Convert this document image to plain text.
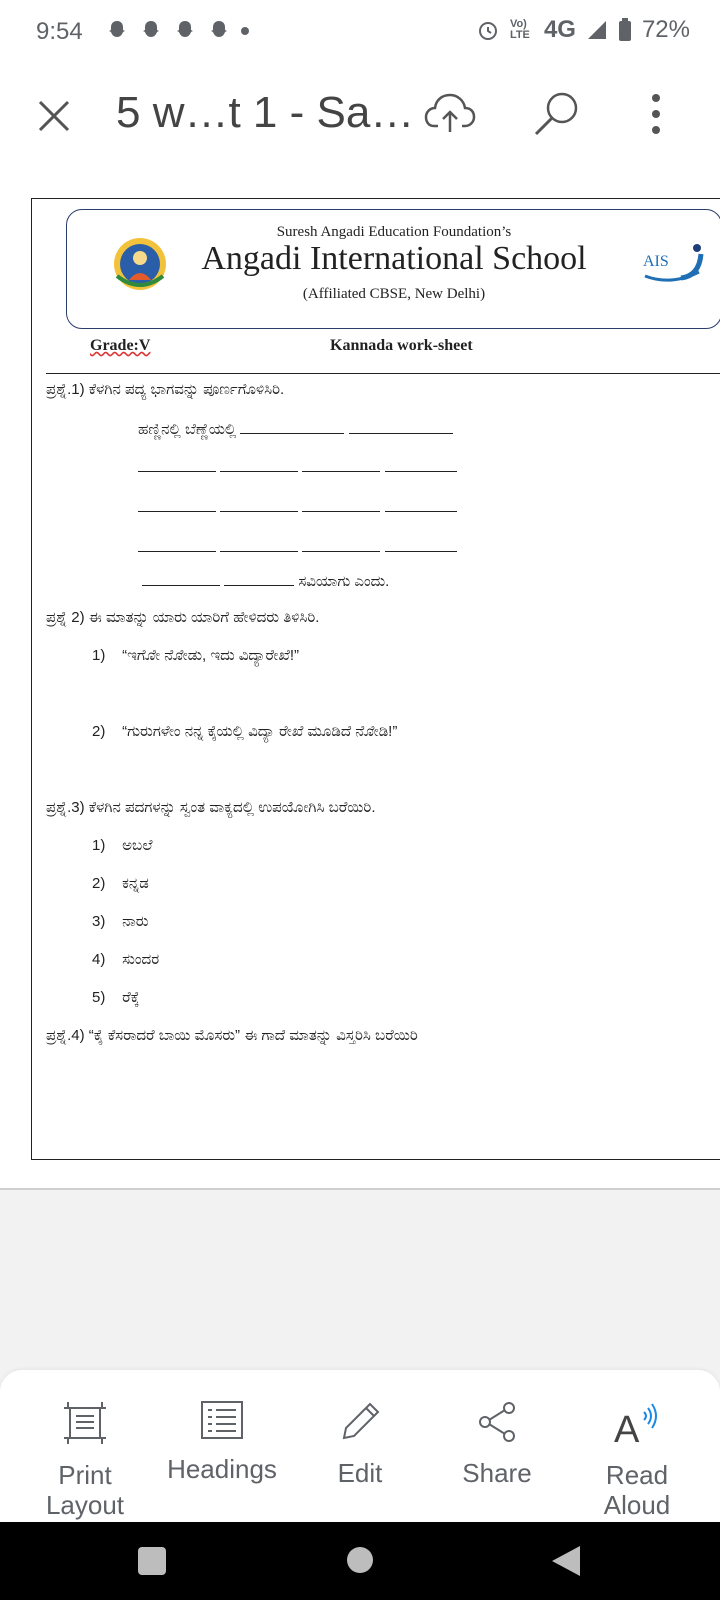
9:54	Vo) LTE 4G	72%
5 w…t 1 - Sa…
Suresh Angadi Education Foundation’s
Angadi International School
(Affiliated CBSE, New Delhi)
AIS
Grade:V	Kannada work-sheet
ಪ್ರಶ್ನೆ.1) ಕೆಳಗಿನ ಪದ್ಯ ಭಾಗವನ್ನು ಪೂರ್ಣಗೊಳಿಸಿರಿ.
ಹಣ್ಣಿನಲ್ಲಿ ಬೆಣ್ಣೆಯಲ್ಲಿ

ಸವಿಯಾಗು ಎಂದು.
ಪ್ರಶ್ನೆ 2) ಈ ಮಾತನ್ನು ಯಾರು ಯಾರಿಗೆ ಹೇಳಿದರು ತಿಳಿಸಿರಿ.
1) “ಇಗೊೇ ನೊೇಡು, ಇದು ವಿದ್ಯಾರೇಖೆ!”
2) “ಗುರುಗಳೇಂ ನನ್ನ ಕೈಯಲ್ಲಿ ವಿದ್ಯಾ ರೇಖೆ ಮೂಡಿದೆ ನೊೇಡಿ!”
ಪ್ರಶ್ನೆ.3) ಕೆಳಗಿನ ಪದಗಳನ್ನು ಸ್ವಂತ ವಾಕ್ಯದಲ್ಲಿ ಉಪಯೊೇಗಿಸಿ ಬರೆಯಿರಿ.
1) ಅಬಲೆ
2) ಕನ್ನಡ
3) ನಾರು
4) ಸುಂದರ
5) ರೆಕ್ಕೆ
ಪ್ರಶ್ನೆ.4) “ಕೈ ಕೆಸರಾದರೆ ಬಾಯಿ ಮೊಸರು” ಈ ಗಾದೆ ಮಾತನ್ನು ವಿಸ್ತರಿಸಿ ಬರೆಯಿರಿ
Print Layout
Headings	Edit	Share
A
Read Aloud
